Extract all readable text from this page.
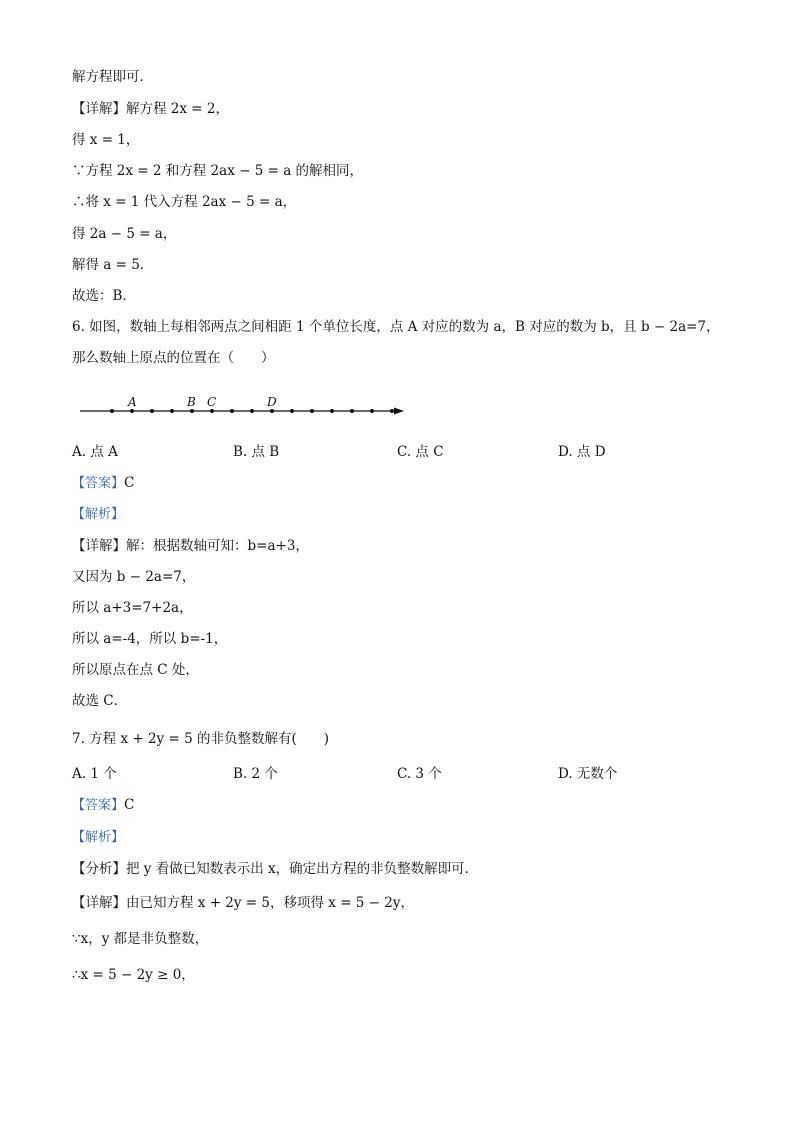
解方程即可．
【详解】解方程 2x = 2，
得 x = 1，
∵方程 2x = 2 和方程 2ax − 5 = a 的解相同，
∴将 x = 1 代入方程 2ax − 5 = a，
得 2a − 5 = a，
解得 a = 5．
故选：B．
6. 如图，数轴上每相邻两点之间相距 1 个单位长度，点 A 对应的数为 a，B 对应的数为 b，且 b − 2a=7，
那么数轴上原点的位置在（　　）
A	B C	D
A. 点 A	B. 点 B	C. 点 C	D. 点 D
【答案】C
【解析】
【详解】解：根据数轴可知：b=a+3，
又因为 b − 2a=7，
所以 a+3=7+2a，
所以 a=-4，所以 b=-1，
所以原点在点 C 处，
故选 C．
7. 方程 x + 2y = 5 的非负整数解有(　　)
A. 1 个	B. 2 个	C. 3 个	D. 无数个
【答案】C
【解析】
【分析】把 y 看做已知数表示出 x，确定出方程的非负整数解即可．
【详解】由已知方程 x + 2y = 5，移项得 x = 5 − 2y，
∵x，y 都是非负整数，
∴x = 5 − 2y ≥ 0，
